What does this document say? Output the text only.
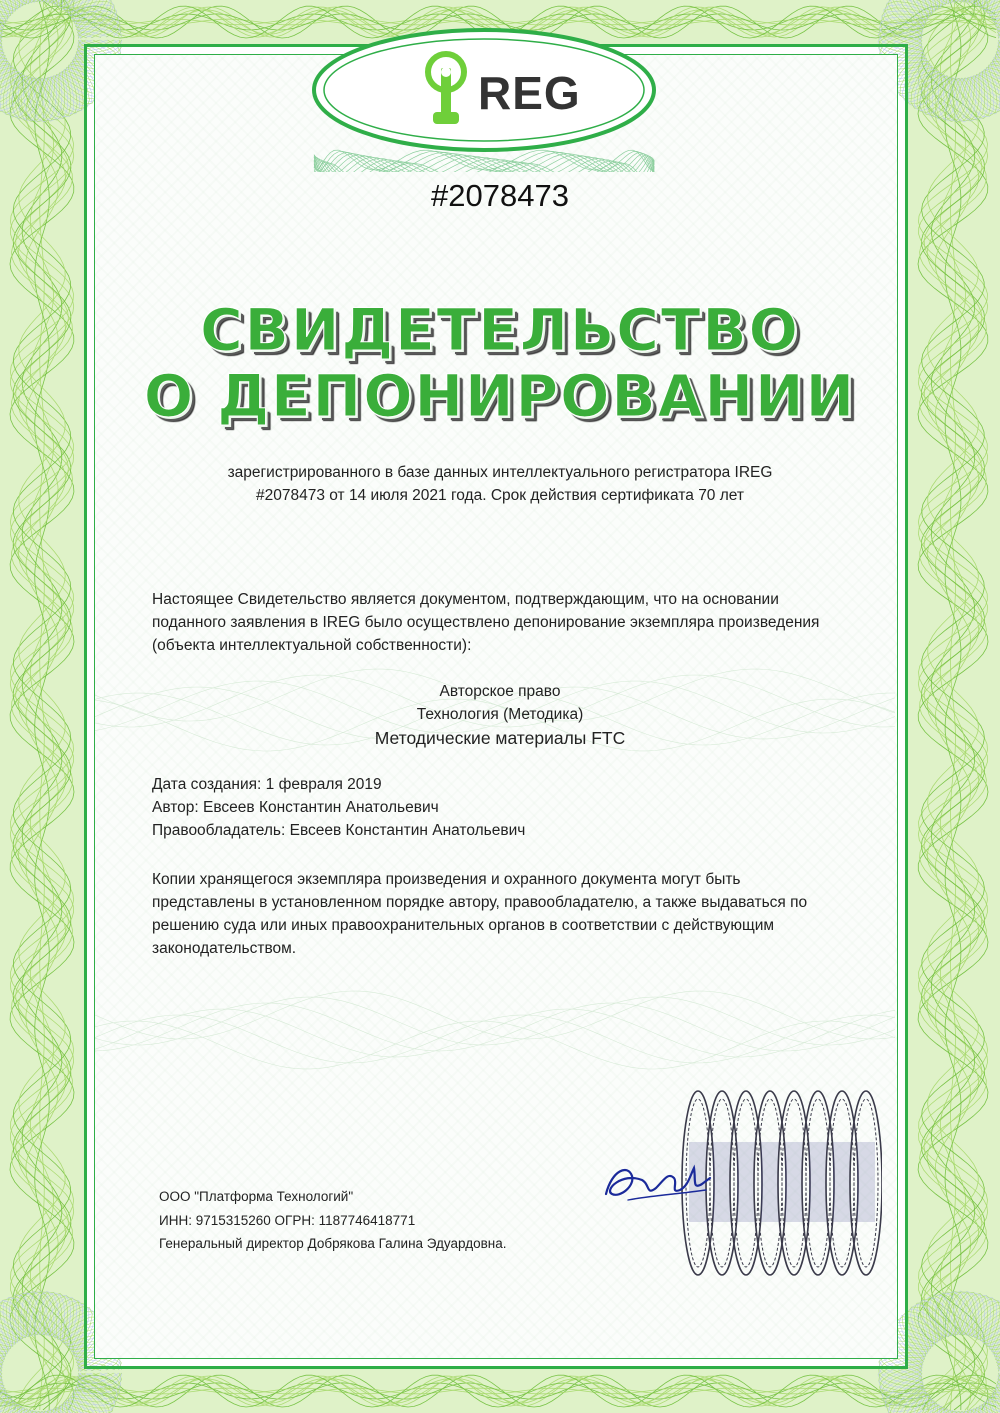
REG
#2078473
СВИДЕТЕЛЬСТВО
О ДЕПОНИРОВАНИИ
зарегистрированного в базе данных интеллектуального регистратора IREG
#2078473 от 14 июля 2021 года. Срок действия сертификата 70 лет
Настоящее Свидетельство является документом, подтверждающим, что на основании
поданного заявления в IREG было осуществлено депонирование экземпляра произведения
(объекта интеллектуальной собственности):
Авторское право
Технология (Методика)
Методические материалы FTC
Дата создания: 1 февраля 2019
Автор: Евсеев Константин Анатольевич
Правообладатель: Евсеев Константин Анатольевич
Копии хранящегося экземпляра произведения и охранного документа могут быть
представлены в установленном порядке автору, правообладателю, а также выдаваться по
решению суда или иных правоохранительных органов в соответствии с действующим
законодательством.
ООО "Платформа Технологий"
ИНН: 9715315260 ОГРН: 1187746418771
Генеральный директор Добрякова Галина Эдуардовна.
